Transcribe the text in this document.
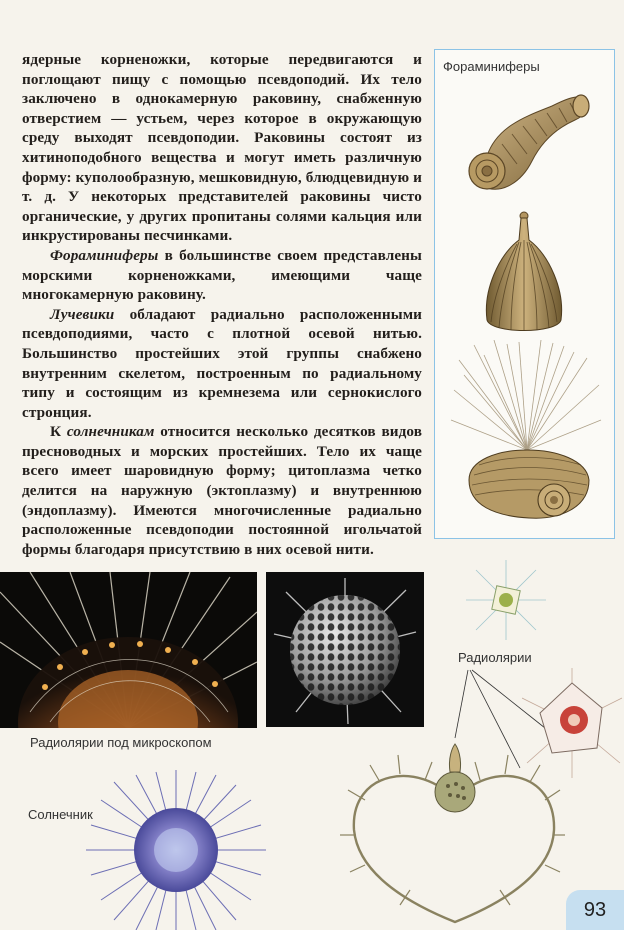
ядерные корненожки, которые передвигаются и поглощают пищу с помощью псевдоподий. Их тело заключено в однокамерную раковину, снабженную отверстием — устьем, через которое в окружающую среду выходят псевдоподии. Раковины состоят из хитиноподобного вещества и могут иметь различную форму: куполообразную, мешковидную, блюдцевидную и т. д. У некоторых представителей раковины чисто органические, у других пропитаны солями кальция или инкрустированы песчинками.

Фораминиферы в большинстве своем представлены морскими корненожками, имеющими чаще многокамерную раковину.

Лучевики обладают радиально расположенными псевдоподиями, часто с плотной осевой нитью. Большинство простейших этой группы снабжено внутренним скелетом, построенным по радиальному типу и состоящим из кремнезема или сернокислого стронция.

К солнечникам относится несколько десятков видов пресноводных и морских простейших. Тело их чаще всего имеет шаровидную форму; цитоплазма четко делится на наружную (эктоплазму) и внутреннюю (эндоплазму). Имеются многочисленные радиально расположенные псевдоподии постоянной игольчатой формы благодаря присутствию в них осевой нити.

Фораминиферы
Радиолярии под микроскопом
Радиолярии
Солнечник
93
